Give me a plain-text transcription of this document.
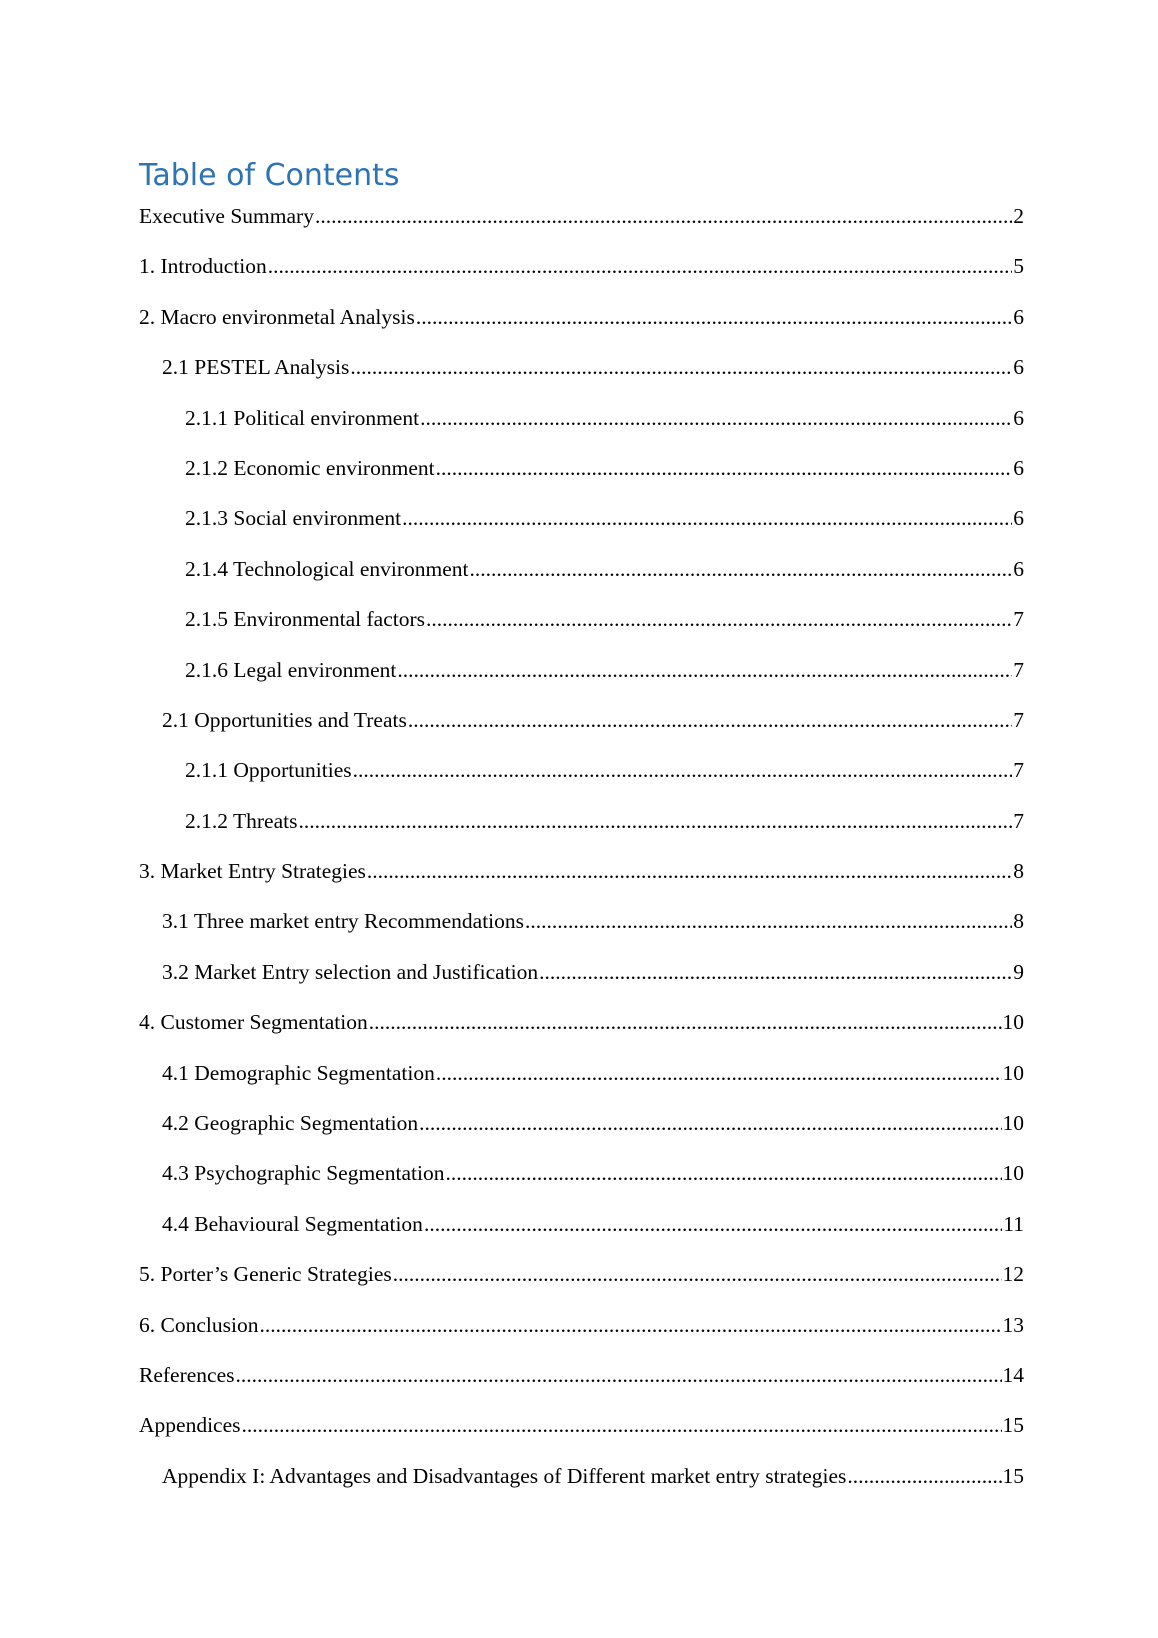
Table of Contents
Executive Summary .....	2
1. Introduction .....	5
2. Macro environmetal Analysis .....	6
2.1 PESTEL Analysis .....	6
2.1.1 Political environment .....	6
2.1.2 Economic environment .....	6
2.1.3 Social environment .....	6
2.1.4 Technological environment .....	6
2.1.5 Environmental factors .....	7
2.1.6 Legal environment .....	7
2.1 Opportunities and Treats .....	7
2.1.1 Opportunities .....	7
2.1.2 Threats .....	7
3. Market Entry Strategies .....	8
3.1 Three market entry Recommendations .....	8
3.2 Market Entry selection and Justification .....	9
4. Customer Segmentation .....	10
4.1 Demographic Segmentation .....	10
4.2 Geographic Segmentation .....	10
4.3 Psychographic Segmentation .....	10
4.4 Behavioural Segmentation .....	11
5. Porter’s Generic Strategies .....	12
6. Conclusion .....	13
References .....	14
Appendices .....	15
Appendix I: Advantages and Disadvantages of Different market entry strategies .....	15
